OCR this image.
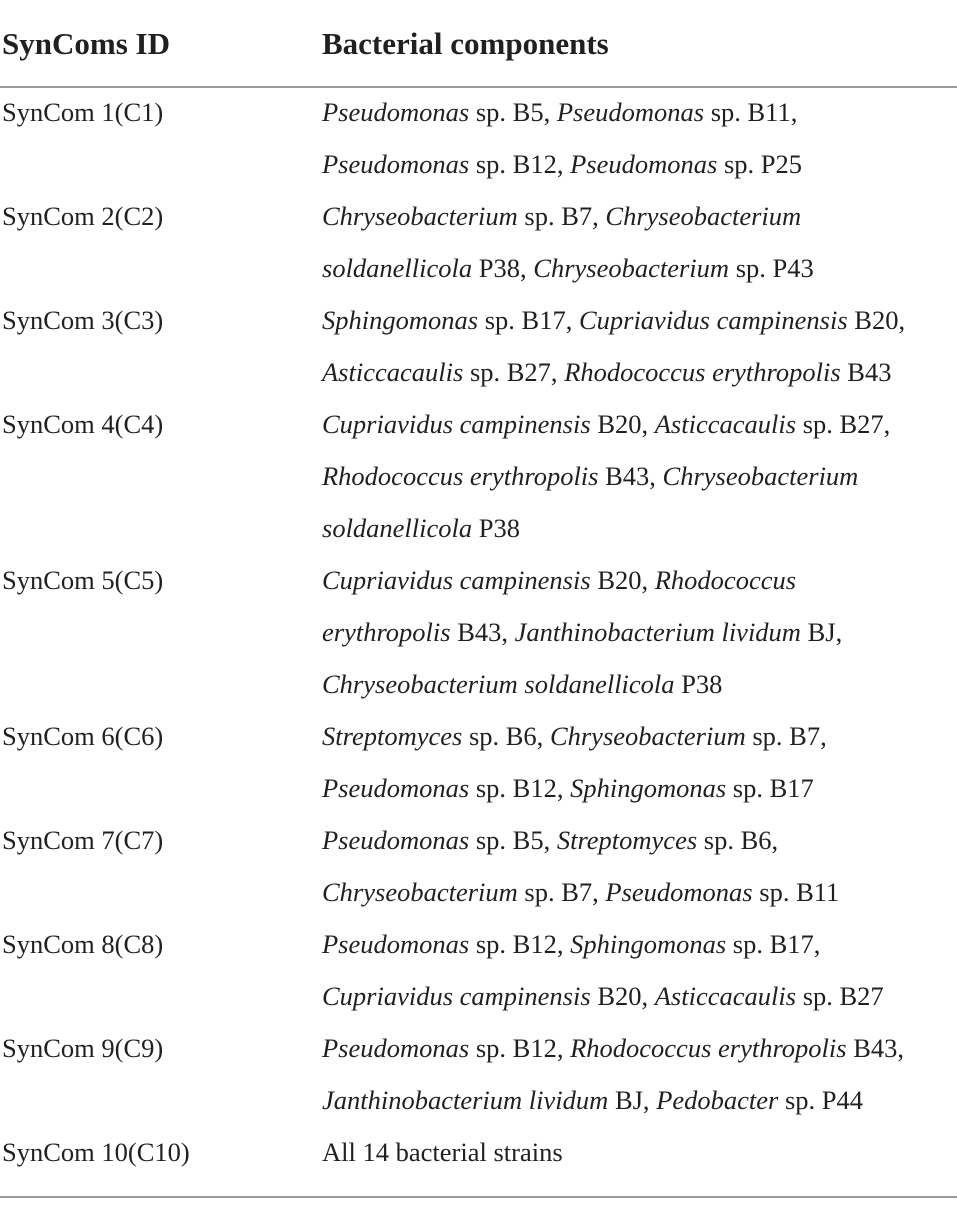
SynComs ID	Bacterial components
SynCom 1(C1)	Pseudomonas sp. B5, Pseudomonas sp. B11,
Pseudomonas sp. B12, Pseudomonas sp. P25
SynCom 2(C2)	Chryseobacterium sp. B7, Chryseobacterium
soldanellicola P38, Chryseobacterium sp. P43
SynCom 3(C3)	Sphingomonas sp. B17, Cupriavidus campinensis B20,
Asticcacaulis sp. B27, Rhodococcus erythropolis B43
SynCom 4(C4)	Cupriavidus campinensis B20, Asticcacaulis sp. B27,
Rhodococcus erythropolis B43, Chryseobacterium
soldanellicola P38
SynCom 5(C5)	Cupriavidus campinensis B20, Rhodococcus
erythropolis B43, Janthinobacterium lividum BJ,
Chryseobacterium soldanellicola P38
SynCom 6(C6)	Streptomyces sp. B6, Chryseobacterium sp. B7,
Pseudomonas sp. B12, Sphingomonas sp. B17
SynCom 7(C7)	Pseudomonas sp. B5, Streptomyces sp. B6,
Chryseobacterium sp. B7, Pseudomonas sp. B11
SynCom 8(C8)	Pseudomonas sp. B12, Sphingomonas sp. B17,
Cupriavidus campinensis B20, Asticcacaulis sp. B27
SynCom 9(C9)	Pseudomonas sp. B12, Rhodococcus erythropolis B43,
Janthinobacterium lividum BJ, Pedobacter sp. P44
SynCom 10(C10)	All 14 bacterial strains
